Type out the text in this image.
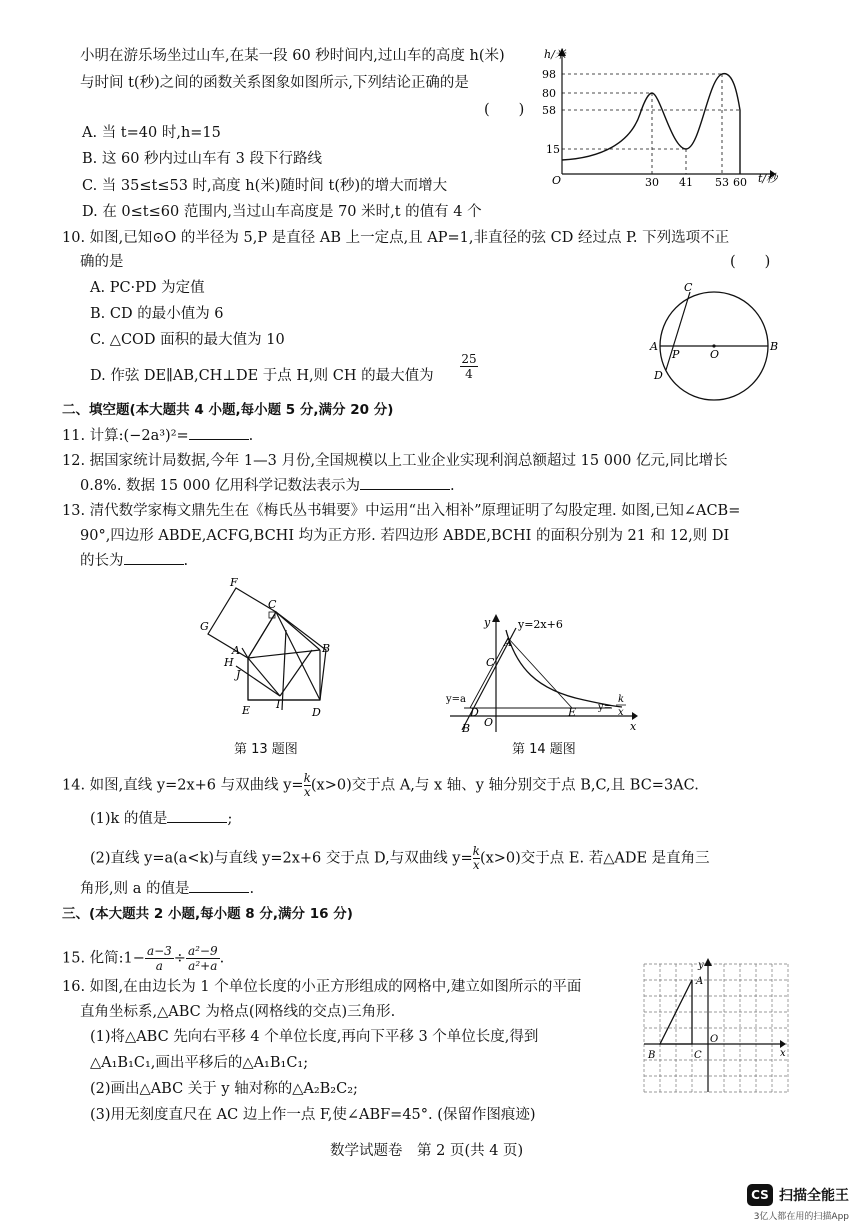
小明在游乐场坐过山车,在某一段 60 秒时间内,过山车的高度 h(米)
与时间 t(秒)之间的函数关系图象如图所示,下列结论正确的是
(　　)
A. 当 t=40 时,h=15
B. 这 60 秒内过山车有 3 段下行路线
C. 当 35≤t≤53 时,高度 h(米)随时间 t(秒)的增大而增大
D. 在 0≤t≤60 范围内,当过山车高度是 70 米时,t 的值有 4 个
h/米
t/秒
O
98
80
58
15
30 41 53 60
10. 如图,已知⊙O 的半径为 5,P 是直径 AB 上一定点,且 AP=1,非直径的弦 CD 经过点 P. 下列选项不正
确的是	(　　)
A. PC·PD 为定值
B. CD 的最小值为 6
C. △COD 面积的最大值为 10
D. 作弦 DE∥AB,CH⊥DE 于点 H,则 CH 的最大值为 $\frac{25}{4}$
C
A
P	O
B
D
二、填空题(本大题共 4 小题,每小题 5 分,满分 20 分)
11. 计算:(−2a³)²=	.
12. 据国家统计局数据,今年 1—3 月份,全国规模以上工业企业实现利润总额超过 15 000 亿元,同比增长
0.8%. 数据 15 000 亿用科学记数法表示为	.
13. 清代数学家梅文鼎先生在《梅氏丛书辑要》中运用“出入相补”原理证明了勾股定理. 如图,已知∠ACB=
90°,四边形 ABDE,ACFG,BCHI 均为正方形. 若四边形 ABDE,BCHI 的面积分别为 21 和 12,则 DI
的长为	.
F
C
G
A
H
B
J
I
E	D
第 13 题图
y
x
A
y=2x+6
C
y=a
D
O
B
E y=
k
x
第 14 题图
14. 如图,直线 y=2x+6 与双曲线 $y= \frac{k}{x} (x>0)$交于点 A,与 x 轴、y 轴分别交于点 B,C,且 BC=3AC.
(1)k 的值是	;
(2)直线 y=a(a<k)与直线 y=2x+6 交于点 D,与双曲线 $y= \frac{k}{x} (x>0)$交于点 E. 若△ADE 是直角三
角形,则 a 的值是	.
三、(本大题共 2 小题,每小题 8 分,满分 16 分)
15. 化简:1− $\frac{a-3}{a} \div \frac{\text{a²−9}}{\text{a²+a}}$ .
16. 如图,在由边长为 1 个单位长度的小正方形组成的网格中,建立如图所示的平面
直角坐标系,△ABC 为格点(网格线的交点)三角形.
(1)将△ABC 先向右平移 4 个单位长度,再向下平移 3 个单位长度,得到
△A₁B₁C₁,画出平移后的△A₁B₁C₁;
(2)画出△ABC 关于 y 轴对称的△A₂B₂C₂;
(3)用无刻度直尺在 AC 边上作一点 F,使∠ABF=45°. (保留作图痕迹)
y
x
A
B	C
O
数学试题卷　第 2 页(共 4 页)
CS 扫描全能王
3亿人都在用的扫描App
